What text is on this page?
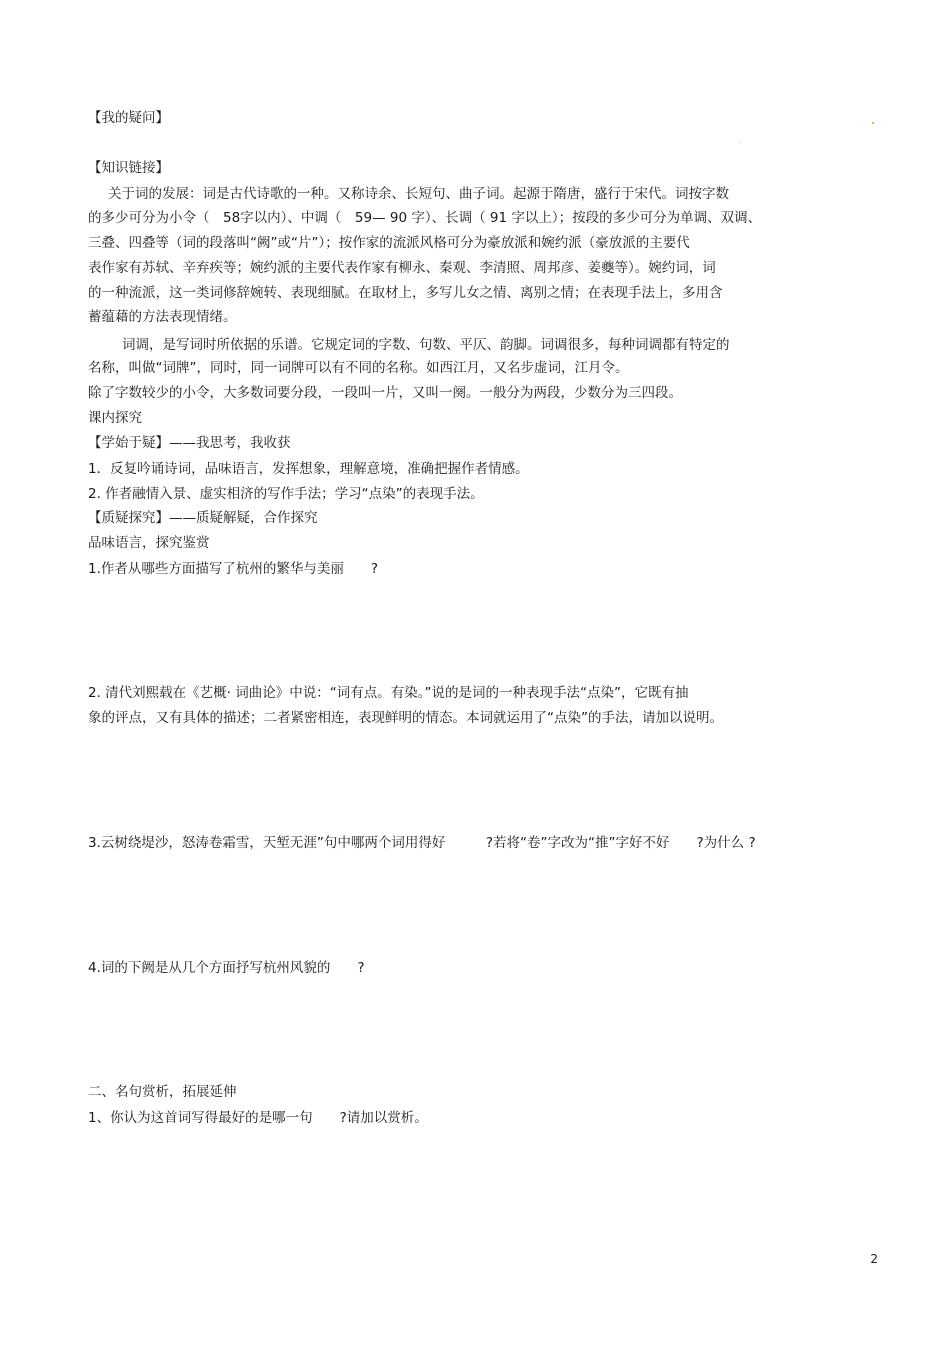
【我的疑问】
【知识链接】
关于词的发展：词是古代诗歌的一种。又称诗余、长短句、曲子词。起源于隋唐，盛行于宋代。词按字数
的多少可分为小令（　58字以内）、中调（　59— 90 字）、长调（ 91 字以上）；按段的多少可分为单调、双调、
三叠、四叠等（词的段落叫“阙”或“片”）；按作家的流派风格可分为豪放派和婉约派（豪放派的主要代
表作家有苏轼、辛弃疾等；婉约派的主要代表作家有柳永、秦观、李清照、周邦彦、姜夔等）。婉约词，词
的一种流派，这一类词修辞婉转、表现细腻。在取材上，多写儿女之情、离别之情；在表现手法上，多用含
蓄蕴藉的方法表现情绪。
词调，是写词时所依据的乐谱。它规定词的字数、句数、平仄、韵脚。词调很多，每种词调都有特定的
名称，叫做“词牌”，同时，同一词牌可以有不同的名称。如西江月，又名步虚词，江月令。
除了字数较少的小令，大多数词要分段，一段叫一片，又叫一阕。一般分为两段，少数分为三四段。
课内探究
【学始于疑】——我思考，我收获
1．反复吟诵诗词，品味语言，发挥想象，理解意境，准确把握作者情感。
2. 作者融情入景、虚实相济的写作手法；学习“点染”的表现手法。
【质疑探究】——质疑解疑，合作探究
品味语言，探究鉴赏
1.作者从哪些方面描写了杭州的繁华与美丽　　?
2. 清代刘熙载在《艺概· 词曲论》中说：“词有点。有染。”说的是词的一种表现手法“点染”，它既有抽
象的评点，又有具体的描述；二者紧密相连，表现鲜明的情态。本词就运用了“点染”的手法，请加以说明。
3.云树绕堤沙，怒涛卷霜雪，天堑无涯”句中哪两个词用得好　　　?若将“卷”字改为“推”字好不好　　?为什么 ?
4.词的下阙是从几个方面抒写杭州风貌的　　?
二、名句赏析，拓展延伸
1、你认为这首词写得最好的是哪一句　　?请加以赏析。
2
